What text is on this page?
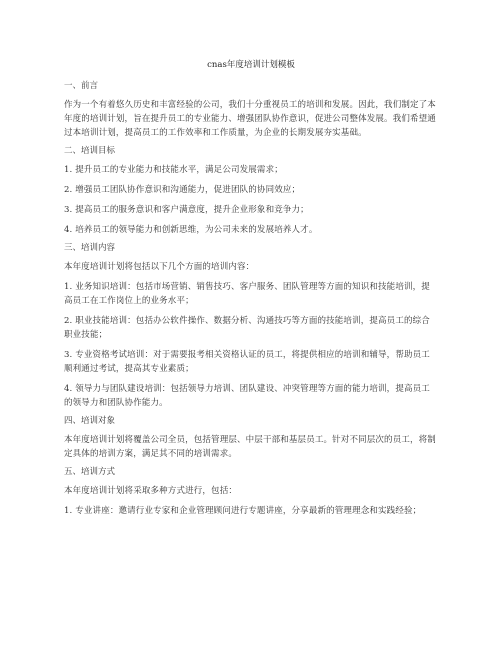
cnas年度培训计划模板
一、前言
作为一个有着悠久历史和丰富经验的公司，我们十分重视员工的培训和发展。因此，我们制定了本年度的培训计划，旨在提升员工的专业能力、增强团队协作意识，促进公司整体发展。我们希望通过本培训计划，提高员工的工作效率和工作质量，为企业的长期发展夯实基础。
二、培训目标
1. 提升员工的专业能力和技能水平，满足公司发展需求；
2. 增强员工团队协作意识和沟通能力，促进团队的协同效应；
3. 提高员工的服务意识和客户满意度，提升企业形象和竞争力；
4. 培养员工的领导能力和创新思维，为公司未来的发展培养人才。
三、培训内容
本年度培训计划将包括以下几个方面的培训内容：
1. 业务知识培训：包括市场营销、销售技巧、客户服务、团队管理等方面的知识和技能培训，提高员工在工作岗位上的业务水平；
2. 职业技能培训：包括办公软件操作、数据分析、沟通技巧等方面的技能培训，提高员工的综合职业技能；
3. 专业资格考试培训：对于需要报考相关资格认证的员工，将提供相应的培训和辅导，帮助员工顺利通过考试，提高其专业素质；
4. 领导力与团队建设培训：包括领导力培训、团队建设、冲突管理等方面的能力培训，提高员工的领导力和团队协作能力。
四、培训对象
本年度培训计划将覆盖公司全员，包括管理层、中层干部和基层员工。针对不同层次的员工，将制定具体的培训方案，满足其不同的培训需求。
五、培训方式
本年度培训计划将采取多种方式进行，包括：
1. 专业讲座：邀请行业专家和企业管理顾问进行专题讲座，分享最新的管理理念和实践经验；
